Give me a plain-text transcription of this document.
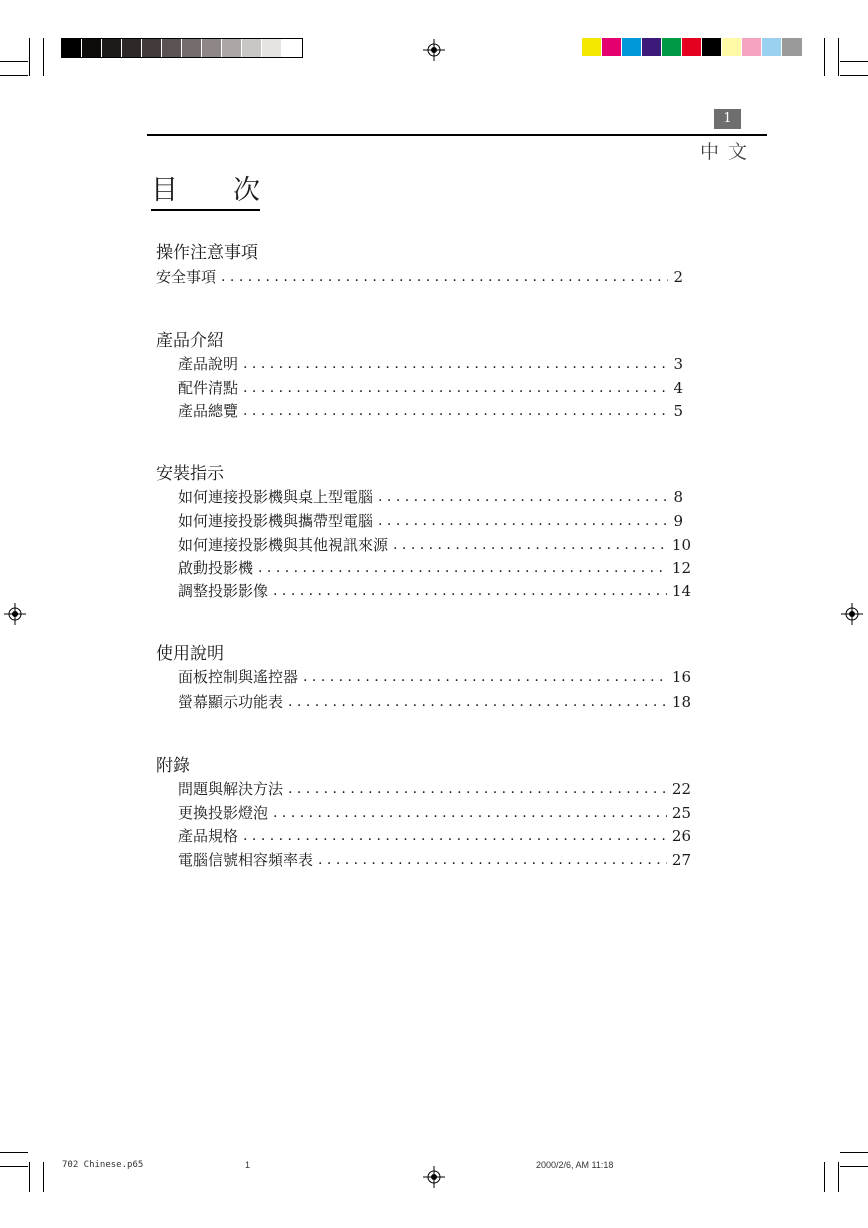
1
中文
目 次
操作注意事項
安全事項 . . .	2
產品介紹
產品說明 . . .	3
配件清點 . . .	4
產品總覽 . . .	5
安裝指示
如何連接投影機與桌上型電腦 . . .	8
如何連接投影機與攜帶型電腦 . . .	9
如何連接投影機與其他視訊來源 . . .	10
啟動投影機 . . .	12
調整投影影像 . . .	14
使用說明
面板控制與遙控器 . . .	16
螢幕顯示功能表 . . .	18
附錄
問題與解決方法 . . .	22
更換投影燈泡 . . .	25
產品規格 . . .	26
電腦信號相容頻率表 . . .	27
702 Chinese.p65	1	2000/2/6, AM 11:18
